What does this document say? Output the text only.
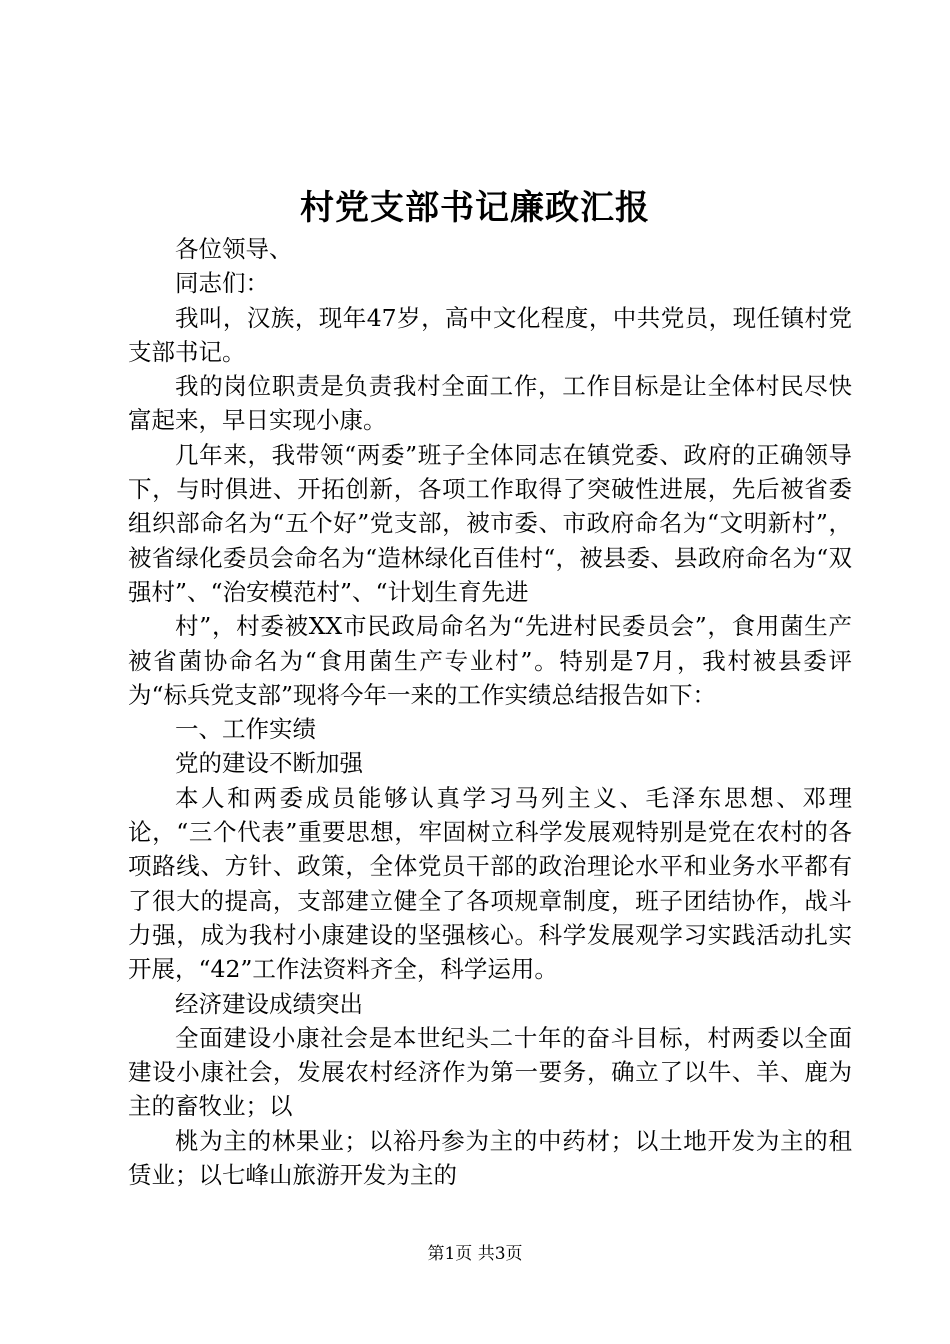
村党支部书记廉政汇报

各位领导、

同志们：

我叫，汉族，现年47岁，高中文化程度，中共党员，现任镇村党支部书记。

我的岗位职责是负责我村全面工作，工作目标是让全体村民尽快富起来，早日实现小康。

几年来，我带领“两委”班子全体同志在镇党委、政府的正确领导下，与时俱进、开拓创新，各项工作取得了突破性进展，先后被省委组织部命名为“五个好”党支部，被市委、市政府命名为“文明新村”，被省绿化委员会命名为“造林绿化百佳村“，被县委、县政府命名为“双强村”、“治安模范村”、“计划生育先进

村”，村委被XX市民政局命名为“先进村民委员会”，食用菌生产被省菌协命名为“食用菌生产专业村”。特别是7月，我村被县委评为“标兵党支部”现将今年一来的工作实绩总结报告如下：

一、工作实绩

党的建设不断加强

本人和两委成员能够认真学习马列主义、毛泽东思想、邓理论，“三个代表”重要思想，牢固树立科学发展观特别是党在农村的各项路线、方针、政策，全体党员干部的政治理论水平和业务水平都有了很大的提高，支部建立健全了各项规章制度，班子团结协作，战斗力强，成为我村小康建设的坚强核心。科学发展观学习实践活动扎实开展，“42”工作法资料齐全，科学运用。

经济建设成绩突出

全面建设小康社会是本世纪头二十年的奋斗目标，村两委以全面建设小康社会，发展农村经济作为第一要务，确立了以牛、羊、鹿为主的畜牧业；以

桃为主的林果业；以裕丹参为主的中药材；以土地开发为主的租赁业；以七峰山旅游开发为主的

第1页 共3页
